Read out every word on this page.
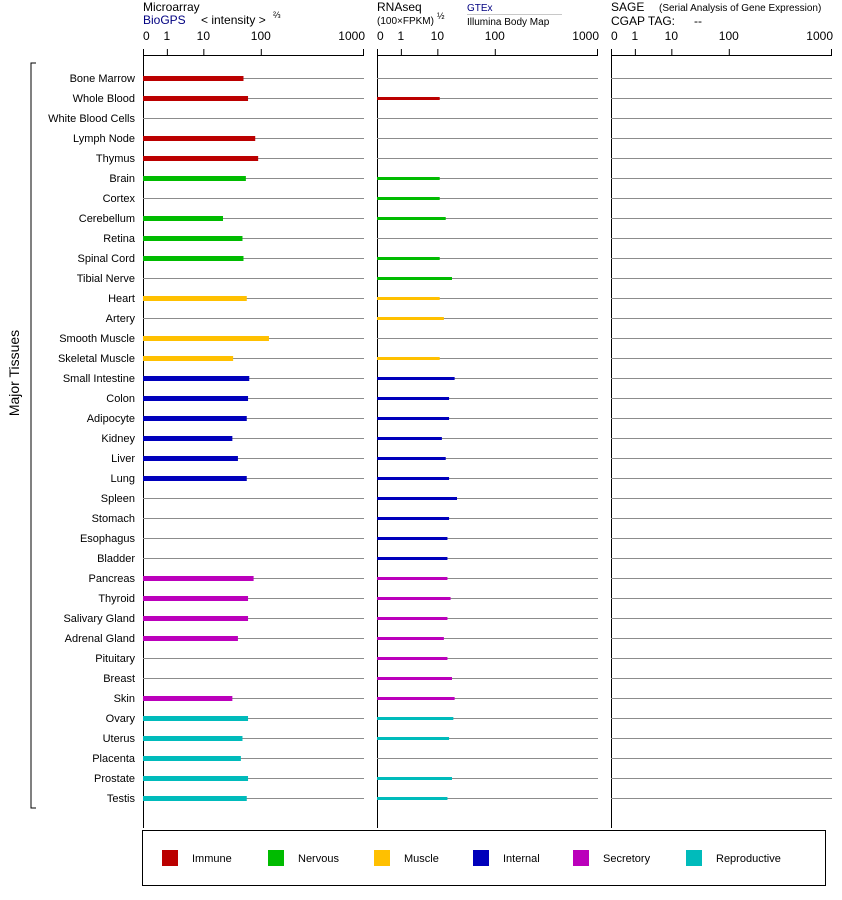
Microarray
BioGPS < intensity > ⅔
RNAseq
(100×FPKM) ½
GTEx
Illumina Body Map
SAGE (Serial Analysis of Gene Expression)
CGAP TAG: --
Major Tissues
0 1 10	100	1000 0 1 10	100	1000 0 1 10	100	1000
Bone Marrow
Whole Blood
White Blood Cells
Lymph Node
Thymus
Brain
Cortex
Cerebellum
Retina
Spinal Cord
Tibial Nerve
Heart
Artery
Smooth Muscle
Skeletal Muscle
Small Intestine
Colon
Adipocyte
Kidney
Liver
Lung
Spleen
Stomach
Esophagus
Bladder
Pancreas
Thyroid
Salivary Gland
Adrenal Gland
Pituitary
Breast
Skin
Ovary
Uterus
Placenta
Prostate
Testis
Immune	Nervous	Muscle	Internal	Secretory	Reproductive
